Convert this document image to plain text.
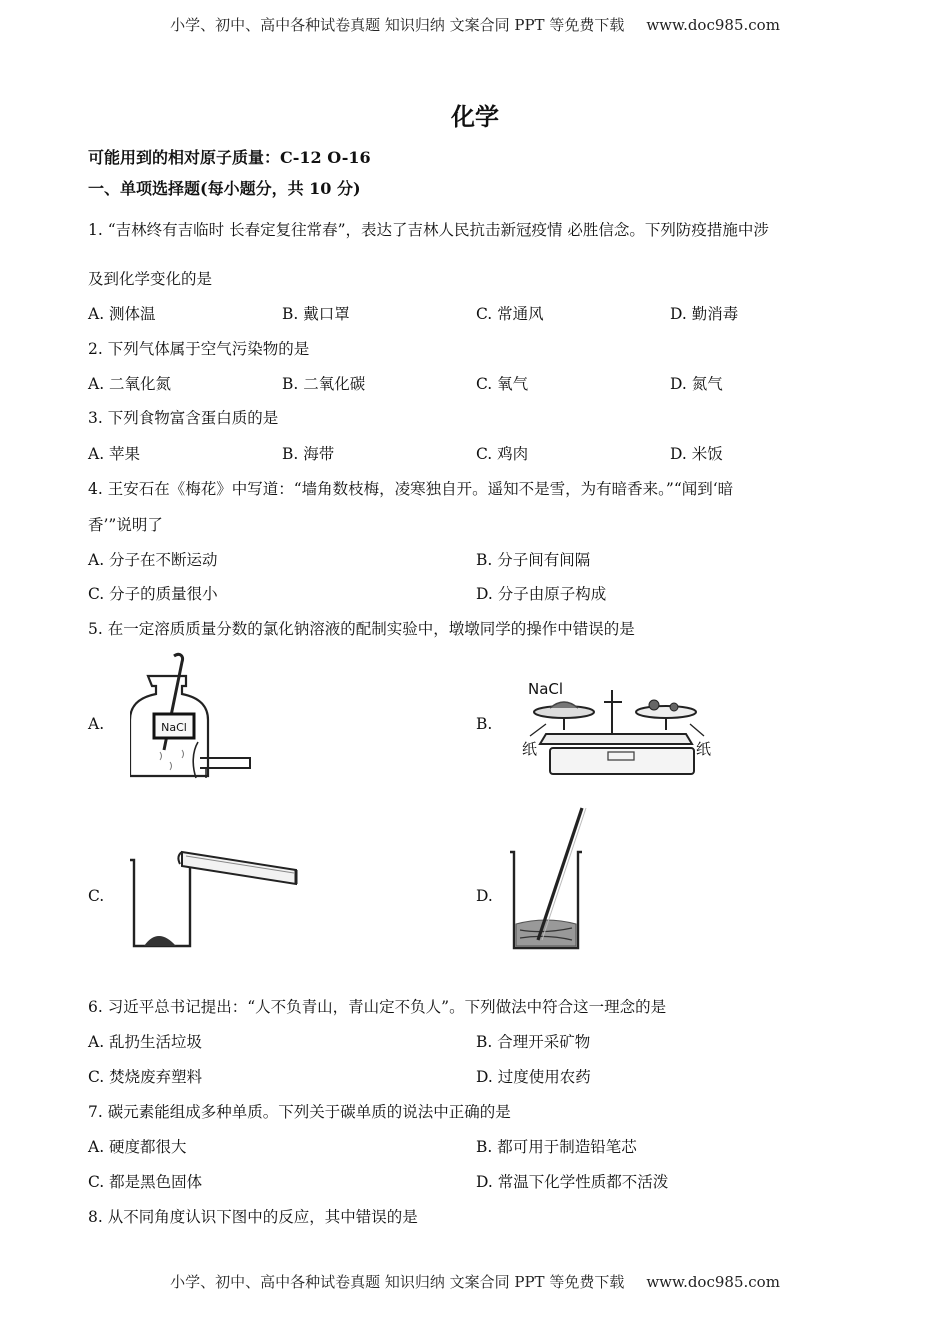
小学、初中、高中各种试卷真题 知识归纳 文案合同 PPT 等免费下载 www.doc985.com
化学
可能用到的相对原子质量：C-12 O-16
一、单项选择题(每小题分，共 10 分)
1. “吉林终有吉临时 长春定复往常春”，表达了吉林人民抗击新冠疫情 必胜信念。下列防疫措施中涉
及到化学变化的是
A. 测体温	B. 戴口罩	C. 常通风	D. 勤消毒
2. 下列气体属于空气污染物的是
A. 二氧化氮	B. 二氧化碳	C. 氧气	D. 氮气
3. 下列食物富含蛋白质的是
A. 苹果	B. 海带	C. 鸡肉	D. 米饭
4. 王安石在《梅花》中写道：“墙角数枝梅，凌寒独自开。遥知不是雪，为有暗香来。”“闻到‘暗
香’”说明了
A. 分子在不断运动	B. 分子间有间隔
C. 分子的质量很小	D. 分子由原子构成
5. 在一定溶质质量分数的氯化钠溶液的配制实验中，墩墩同学的操作中错误的是
A.	B.
C.	D.
NaCl
NaCl
纸	纸
6. 习近平总书记提出：“人不负青山，青山定不负人”。下列做法中符合这一理念的是
A. 乱扔生活垃圾	B. 合理开采矿物
C. 焚烧废弃塑料	D. 过度使用农药
7. 碳元素能组成多种单质。下列关于碳单质的说法中正确的是
A. 硬度都很大	B. 都可用于制造铅笔芯
C. 都是黑色固体	D. 常温下化学性质都不活泼
8. 从不同角度认识下图中的反应，其中错误的是
小学、初中、高中各种试卷真题 知识归纳 文案合同 PPT 等免费下载 www.doc985.com
